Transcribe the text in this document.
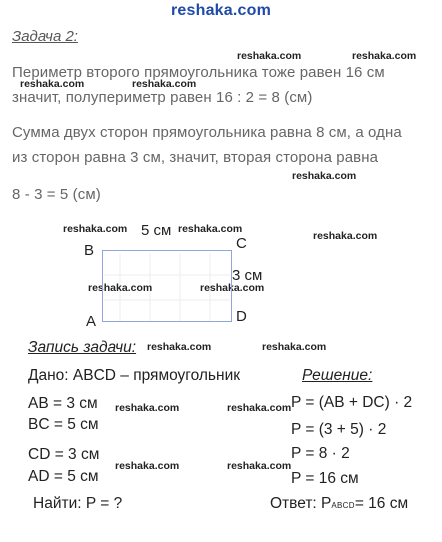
reshaka.com
Задача 2:
reshaka.com	reshaka.com
reshaka.com	reshaka.com
reshaka.com
reshaka.com	reshaka.com
reshaka.com
reshaka.com	reshaka.com
reshaka.com	reshaka.com
reshaka.com	reshaka.com
reshaka.com	reshaka.com
Периметр второго прямоугольника тоже равен 16 см
значит, полупериметр равен 16 : 2 = 8 (см)
Сумма двух сторон прямоугольника равна 8 см, а одна
из сторон равна 3 см, значит, вторая сторона равна
8 - 3 = 5 (см)
5 см
3 см
B	C
A	D
Запись задачи:
Дано: ABCD – прямоугольник
AB = 3 см
BC = 5 см
CD = 3 см
AD = 5 см
Найти: P = ?
Решение:
P = (AB + DC) · 2
P = (3 + 5) · 2
P = 8 · 2
P = 16 см
Ответ: PABCD= 16 см
